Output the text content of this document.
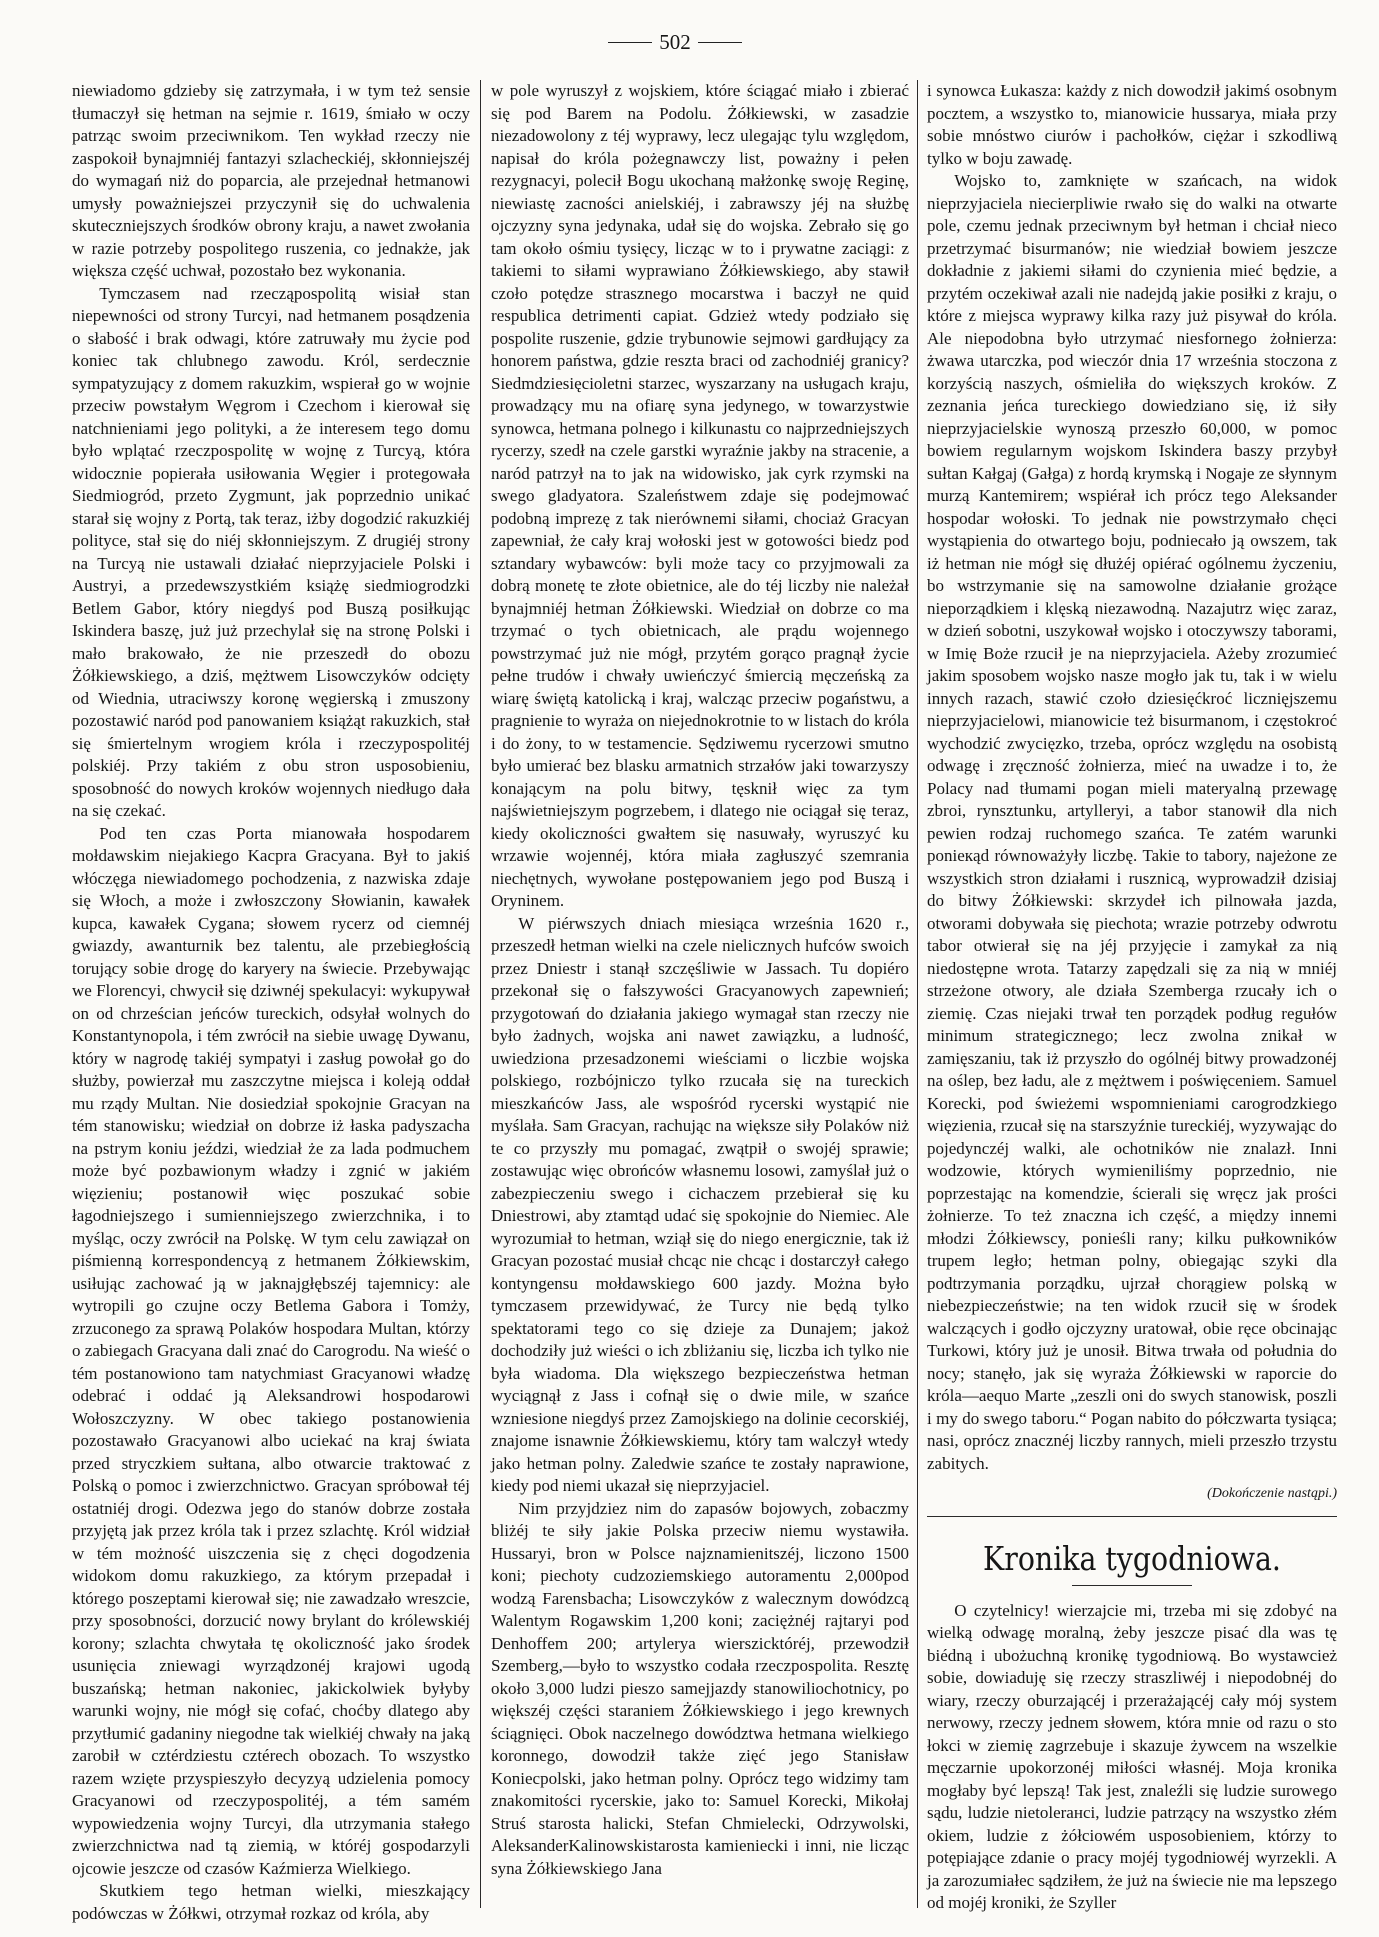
502

niewiadomo gdzieby się zatrzymała, i w tym też sensie tłumaczył się hetman na sejmie r. 1619, śmiało w oczy patrząc swoim przeciwnikom. Ten wykład rzeczy nie zaspokoił bynajmniéj fantazyi szlacheckiéj, skłonniejszéj do wymagań niż do poparcia, ale przejednał hetmanowi umysły poważniejszei przyczynił się do uchwalenia skuteczniejszych środków obrony kraju, a nawet zwołania w razie potrzeby pospolitego ruszenia, co jednakże, jak większa część uchwał, pozostało bez wykonania.

Tymczasem nad rzecząpospolitą wisiał stan niepewności od strony Turcyi, nad hetmanem posądzenia o słabość i brak odwagi, które zatruwały mu życie pod koniec tak chlubnego zawodu. Król, serdecznie sympatyzujący z domem rakuzkim, wspierał go w wojnie przeciw powstałym Węgrom i Czechom i kierował się natchnieniami jego polityki, a że interesem tego domu było wplątać rzeczpospolitę w wojnę z Turcyą, która widocznie popierała usiłowania Węgier i protegowała Siedmiogród, przeto Zygmunt, jak poprzednio unikać starał się wojny z Portą, tak teraz, iżby dogodzić rakuzkiéj polityce, stał się do niéj skłonniejszym. Z drugiéj strony na Turcyą nie ustawali działać nieprzyjaciele Polski i Austryi, a przedewszystkiém książę siedmiogrodzki Betlem Gabor, który niegdyś pod Buszą posiłkując Iskinderа baszę, już już przechylał się na stronę Polski i mało brakowało, że nie przeszedł do obozu Żółkiewskiego, a dziś, mężtwem Lisowczyków odcięty od Wiednia, utraciwszy koronę węgierską i zmuszony pozostawić naród pod panowaniem książąt rakuzkich, stał się śmiertelnym wrogiem króla i rzeczypospolitéj polskiéj. Przy takiém z obu stron usposobieniu, sposobność do nowych kroków wojennych niedługo dała na się czekać.

Pod ten czas Porta mianowała hospodarem mołdawskim niejakiego Kacpra Gracyana. Był to jakiś włóczęga niewiadomego pochodzenia, z nazwiska zdaje się Włoch, a może i zwłoszczony Słowianin, kawałek kupca, kawałek Cygana; słowem rycerz od ciemnéj gwiazdy, awanturnik bez talentu, ale przebiegłością torujący sobie drogę do karyery na świecie. Przebywając we Florencyi, chwycił się dziwnéj spekulacyi: wykupywał on od chrześcian jeńców tureckich, odsyłał wolnych do Konstantynopola, i tém zwrócił na siebie uwagę Dywanu, który w nagrodę takiéj sympatyi i zasług powołał go do służby, powierzał mu zaszczytne miejsca i koleją oddał mu rządy Multan. Nie dosiedział spokojnie Gracyan na tém stanowisku; wiedział on dobrze iż łaska padyszacha na pstrym koniu jeździ, wiedział że za lada podmuchem może być pozbawionym władzy i zgnić w jakiém więzieniu; postanowił więc poszukać sobie łagodniejszego i sumienniejszego zwierzchnika, i to myśląc, oczy zwrócił na Polskę. W tym celu zawiązał on piśmienną korrespondencyą z hetmanem Żółkiewskim, usiłując zachować ją w jaknajgłębszéj tajemnicy: ale wytropili go czujne oczy Betlema Gabora i Tomży, zrzuconego za sprawą Polaków hospodara Multan, którzy o zabiegach Gracyana dali znać do Carogrodu. Na wieść o tém postanowiono tam natychmiast Gracyanowi władzę odebrać i oddać ją Aleksandrowi hospodarowi Wołoszczyzny. W obec takiego postanowienia pozostawało Gracyanowi albo uciekać na kraj świata przed stryczkiem sułtana, albo otwarcie traktować z Polską o pomoc i zwierzchnictwo. Gracyan spróbował téj ostatniéj drogi. Odezwa jego do stanów dobrze została przyjętą jak przez króla tak i przez szlachtę. Król widział w tém możność uiszczenia się z chęci dogodzenia widokom domu rakuzkiego, za którym przepadał i którego poszeptami kierował się; nie zawadzało wreszcie, przy sposobności, dorzucić nowy brylant do królewskiéj korony; szlachta chwytała tę okoliczność jako środek usunięcia zniewagi wyrządzonéj krajowi ugodą buszańską; hetman nakoniec, jakickolwiek byłyby warunki wojny, nie mógł się cofać, choćby dlatego aby przytłumić gadaniny niegodne tak wielkiéj chwały na jaką zarobił w cztérdziestu cztérech obozach. To wszystko razem wzięte przyspieszyło decyzyą udzielenia pomocy Gracyanowi od rzeczypospolitéj, a tém samém wypowiedzenia wojny Turcyi, dla utrzymania stałego zwierzchnictwa nad tą ziemią, w któréj gospodarzyli ojcowie jeszcze od czasów Kaźmierza Wielkiego.

Skutkiem tego hetman wielki, mieszkający podówczas w Żółkwi, otrzymał rozkaz od króla, aby

w pole wyruszył z wojskiem, które ściągać miało i zbierać się pod Barem na Podolu. Żółkiewski, w zasadzie niezadowolony z téj wyprawy, lecz ulegając tylu względom, napisał do króla pożegnawczy list, poważny i pełen rezygnacyi, polecił Bogu ukochaną małżonkę swoję Reginę, niewiastę zacności anielskiéj, i zabrawszy jéj na służbę ojczyzny syna jedynaka, udał się do wojska. Zebrało się go tam około ośmiu tysięcy, licząc w to i prywatne zaciągi: z takiemi to siłami wyprawiano Żółkiewskiego, aby stawił czoło potędze strasznego mocarstwa i baczył ne quid respublica detrimenti capiat. Gdzież wtedy podziało się pospolite ruszenie, gdzie trybunowie sejmowi gardłujący za honorem państwa, gdzie reszta braci od zachodniéj granicy? Siedmdziesięcioletni starzec, wyszarzany na usługach kraju, prowadzący mu na ofiarę syna jedynego, w towarzystwie synowca, hetmana polnego i kilkunastu co najprzedniejszych rycerzy, szedł na czele garstki wyraźnie jakby na stracenie, a naród patrzył na to jak na widowisko, jak cyrk rzymski na swego gladyatora. Szaleństwem zdaje się podejmować podobną imprezę z tak nierównemi siłami, chociaż Gracyan zapewniał, że cały kraj wołoski jest w gotowości biedz pod sztandary wybawców: byli może tacy co przyjmowali za dobrą monetę te złote obietnice, ale do téj liczby nie należał bynajmniéj hetman Żółkiewski. Wiedział on dobrze co ma trzymać o tych obietnicach, ale prądu wojennego powstrzymać już nie mógł, przytém gorąco pragnął życie pełne trudów i chwały uwieńczyć śmiercią męczeńską za wiarę świętą katolicką i kraj, walcząc przeciw pogaństwu, a pragnienie to wyraża on niejednokrotnie to w listach do króla i do żony, to w testamencie. Sędziwemu rycerzowi smutno było umierać bez blasku armatnich strzałów jaki towarzyszy konającym na polu bitwy, tęsknił więc za tym najświetniejszym pogrzebem, i dlatego nie ociągał się teraz, kiedy okoliczności gwałtem się nasuwały, wyruszyć ku wrzawie wojennéj, która miała zagłuszyć szemrania niechętnych, wywołane postępowaniem jego pod Buszą i Oryninem.

W piérwszych dniach miesiąca września 1620 r., przeszedł hetman wielki na czele nielicznych hufców swoich przez Dniestr i stanął szczęśliwie w Jassach. Tu dopiéro przekonał się o fałszywości Gracyanowych zapewnień; przygotowań do działania jakiego wymagał stan rzeczy nie było żadnych, wojska ani nawet zawiązku, a ludność, uwiedziona przesadzonemi wieściami o liczbie wojska polskiego, rozbójniczo tylko rzucała się na tureckich mieszkańców Jass, ale wspośród rycerski wystąpić nie myślała. Sam Gracyan, rachując na większe siły Polaków niż te co przyszły mu pomagać, zwątpił o swojéj sprawie; zostawując więc obrońców własnemu losowi, zamyślał już o zabezpieczeniu swego i cichaczem przebierał się ku Dniestrowi, aby ztamtąd udać się spokojnie do Niemiec. Ale wyrozumiał to hetman, wziął się do niego energicznie, tak iż Gracyan pozostać musiał chcąc nie chcąc i dostarczył całego kontyngensu mołdawskiego 600 jazdy. Można było tymczasem przewidywać, że Turcy nie będą tylko spektatorami tego co się dzieje za Dunajem; jakoż dochodziły już wieści o ich zbliżaniu się, liczba ich tylko nie była wiadoma. Dla większego bezpieczeństwa hetman wyciągnął z Jass i cofnął się o dwie mile, w szańce wzniesione niegdyś przez Zamojskiego na dolinie cecorskiéj, znajome isnawnie Żółkiewskiemu, który tam walczył wtedy jako hetman polny. Zaledwie szańce te zostały naprawione, kiedy pod niemi ukazał się nieprzyjaciel.

Nim przyjdziez nim do zapasów bojowych, zobaczmy bliżéj te siły jakie Polska przeciw niemu wystawiła. Hussaryi, bron w Polsce najznamienitszéj, liczono 1500 koni; piechoty cudzoziemskiego autoramentu 2,000pod wodzą Farensbacha; Lisowczyków z walecznym dowódzcą Walentym Rogawskim 1,200 koni; zaciężnéj rajtaryi pod Denhoffem 200; artylerya wierszicktóréj, przewodził Szemberg,—było to wszystko codała rzeczpospolita. Resztę około 3,000 ludzi pieszo samejjazdy stanowiliochotnicy, po większéj części staraniem Żółkiewskiego i jego krewnych ściągnięci. Obok naczelnego dowództwa hetmana wielkiego koronnego, dowodził także zięć jego Stanisław Koniecpolski, jako hetman polny. Oprócz tego widzimy tam znakomitości rycerskie, jako to: Samuel Korecki, Mikołaj Struś starosta halicki, Stefan Chmielecki, Odrzywolski, AleksanderKalinowskistarosta kamieniecki i inni, nie licząc syna Żółkiewskiego Jana

i synowca Łukasza: każdy z nich dowodził jakimś osobnym pocztem, a wszystko to, mianowicie hussarya, miała przy sobie mnóstwo ciurów i pachołków, ciężar i szkodliwą tylko w boju zawadę.

Wojsko to, zamknięte w szańcach, na widok nieprzyjaciela niecierpliwie rwało się do walki na otwarte pole, czemu jednak przeciwnym był hetman i chciał nieco przetrzymać bisurmanów; nie wiedział bowiem jeszcze dokładnie z jakiemi siłami do czynienia mieć będzie, a przytém oczekiwał azali nie nadejdą jakie posiłki z kraju, o które z miejsca wyprawy kilka razy już pisywał do króla. Ale niepodobna było utrzymać niesfornego żołnierza: żwawa utarczka, pod wieczór dnia 17 września stoczona z korzyścią naszych, ośmieliła do większych kroków. Z zeznania jeńca tureckiego dowiedziano się, iż siły nieprzyjacielskie wynoszą przeszło 60,000, w pomoc bowiem regularnym wojskom Iskindera baszy przybył sułtan Kałgaj (Gałga) z hordą krymską i Nogaje ze słynnym murzą Kantemirem; wspiérał ich prócz tego Aleksander hospodar wołoski. To jednak nie powstrzymało chęci wystąpienia do otwartego boju, podniecało ją owszem, tak iż hetman nie mógł się dłużéj opiérać ogólnemu życzeniu, bo wstrzymanie się na samowolne działanie grożące nieporządkiem i klęską niezawodną. Nazajutrz więc zaraz, w dzień sobotni, uszykował wojsko i otoczywszy taborami, w Imię Boże rzucił je na nieprzyjaciela. Ażeby zrozumieć jakim sposobem wojsko nasze mogło jak tu, tak i w wielu innych razach, stawić czoło dziesięćkroć licznięjszemu nieprzyjacielowi, mianowicie też bisurmanom, i częstokroć wychodzić zwycięzko, trzeba, oprócz względu na osobistą odwagę i zręczność żołnierza, mieć na uwadze i to, że Polacy nad tłumami pogan mieli materyalną przewagę zbroi, rynsztunku, artylleryi, a tabor stanowił dla nich pewien rodzaj ruchomego szańca. Te zatém warunki ponieкąd równoważyły liczbę. Takie to tabory, najeżone ze wszystkich stron działami i rusznicą, wyprowadził dzisiaj do bitwy Żółkiewski: skrzydeł ich pilnowała jazda, otworami dobywała się piechota; wrazie potrzeby odwrotu tabor otwierał się na jéj przyjęcie i zamykał za nią niedostępne wrota. Tatarzy zapędzali się za nią w mniéj strzeżone otwory, ale działa Szemberga rzucały ich o ziemię. Czas niejaki trwał ten porządek podług regułów minimum strategicznego; lecz zwolna znikał w zamięszaniu, tak iż przyszło do ogólnéj bitwy prowadzonéj na oślep, bez ładu, ale z mężtwem i poświęceniem. Samuel Korecki, pod świeżemi wspomnieniami carogrodzkiego więzienia, rzucał się na starszyźnie tureckiéj, wyzywając do pojedynczéj walki, ale ochotników nie znalazł. Inni wodzowie, których wymieniliśmy poprzednio, nie poprzestając na komendzie, ścierali się wręcz jak prości żołnierze. To też znaczna ich część, a między innemi młodzi Żółkiewscy, ponieśli rany; kilku pułkowników trupem legło; hetman polny, obiegając szyki dla podtrzymania porządku, ujrzał chorągiew polską w niebezpieczeństwie; na ten widok rzucił się w środek walczących i godło ojczyzny uratował, obie ręce obcinając Turkowi, który już je unosił. Bitwa trwała od południa do nocy; stanęło, jak się wyraża Żółkiewski w raporcie do króla—aequo Marte „zeszli oni do swych stanowisk, poszli i my do swego taboru.“ Pogan nabito do półczwarta tysiąca; nasi, oprócz znacznéj liczby rannych, mieli przeszło trzystu zabitych.

(Dokończenie nastąpi.)
Kronika tygodniowa.

O czytelnicy! wierzajcie mi, trzeba mi się zdobyć na wielką odwagę moralną, żeby jeszcze pisać dla was tę biédną i ubożuchną kronikę tygodniową. Bo wystawcież sobie, dowiaduję się rzeczy straszliwéj i niepodobnéj do wiary, rzeczy oburzającéj i przerażającéj cały mój system nerwowy, rzeczy jednem słowem, która mnie od razu o sto łokci w ziemię zagrzebuje i skazuje żywcem na wszelkie męczarnie upokorzonéj miłości własnéj. Moja kronika mogłaby być lepszą! Tak jest, znaleźli się ludzie surowego sądu, ludzie nietolerанci, ludzie patrzący na wszystko złém okiem, ludzie z żółciowém usposobieniem, którzy to potępiające zdanie o pracy mojéj tygodniowéj wyrzekli. A ja zarozumiałec sądziłem, że już na świecie nie ma lepszego od mojéj kroniki, że Szyller
